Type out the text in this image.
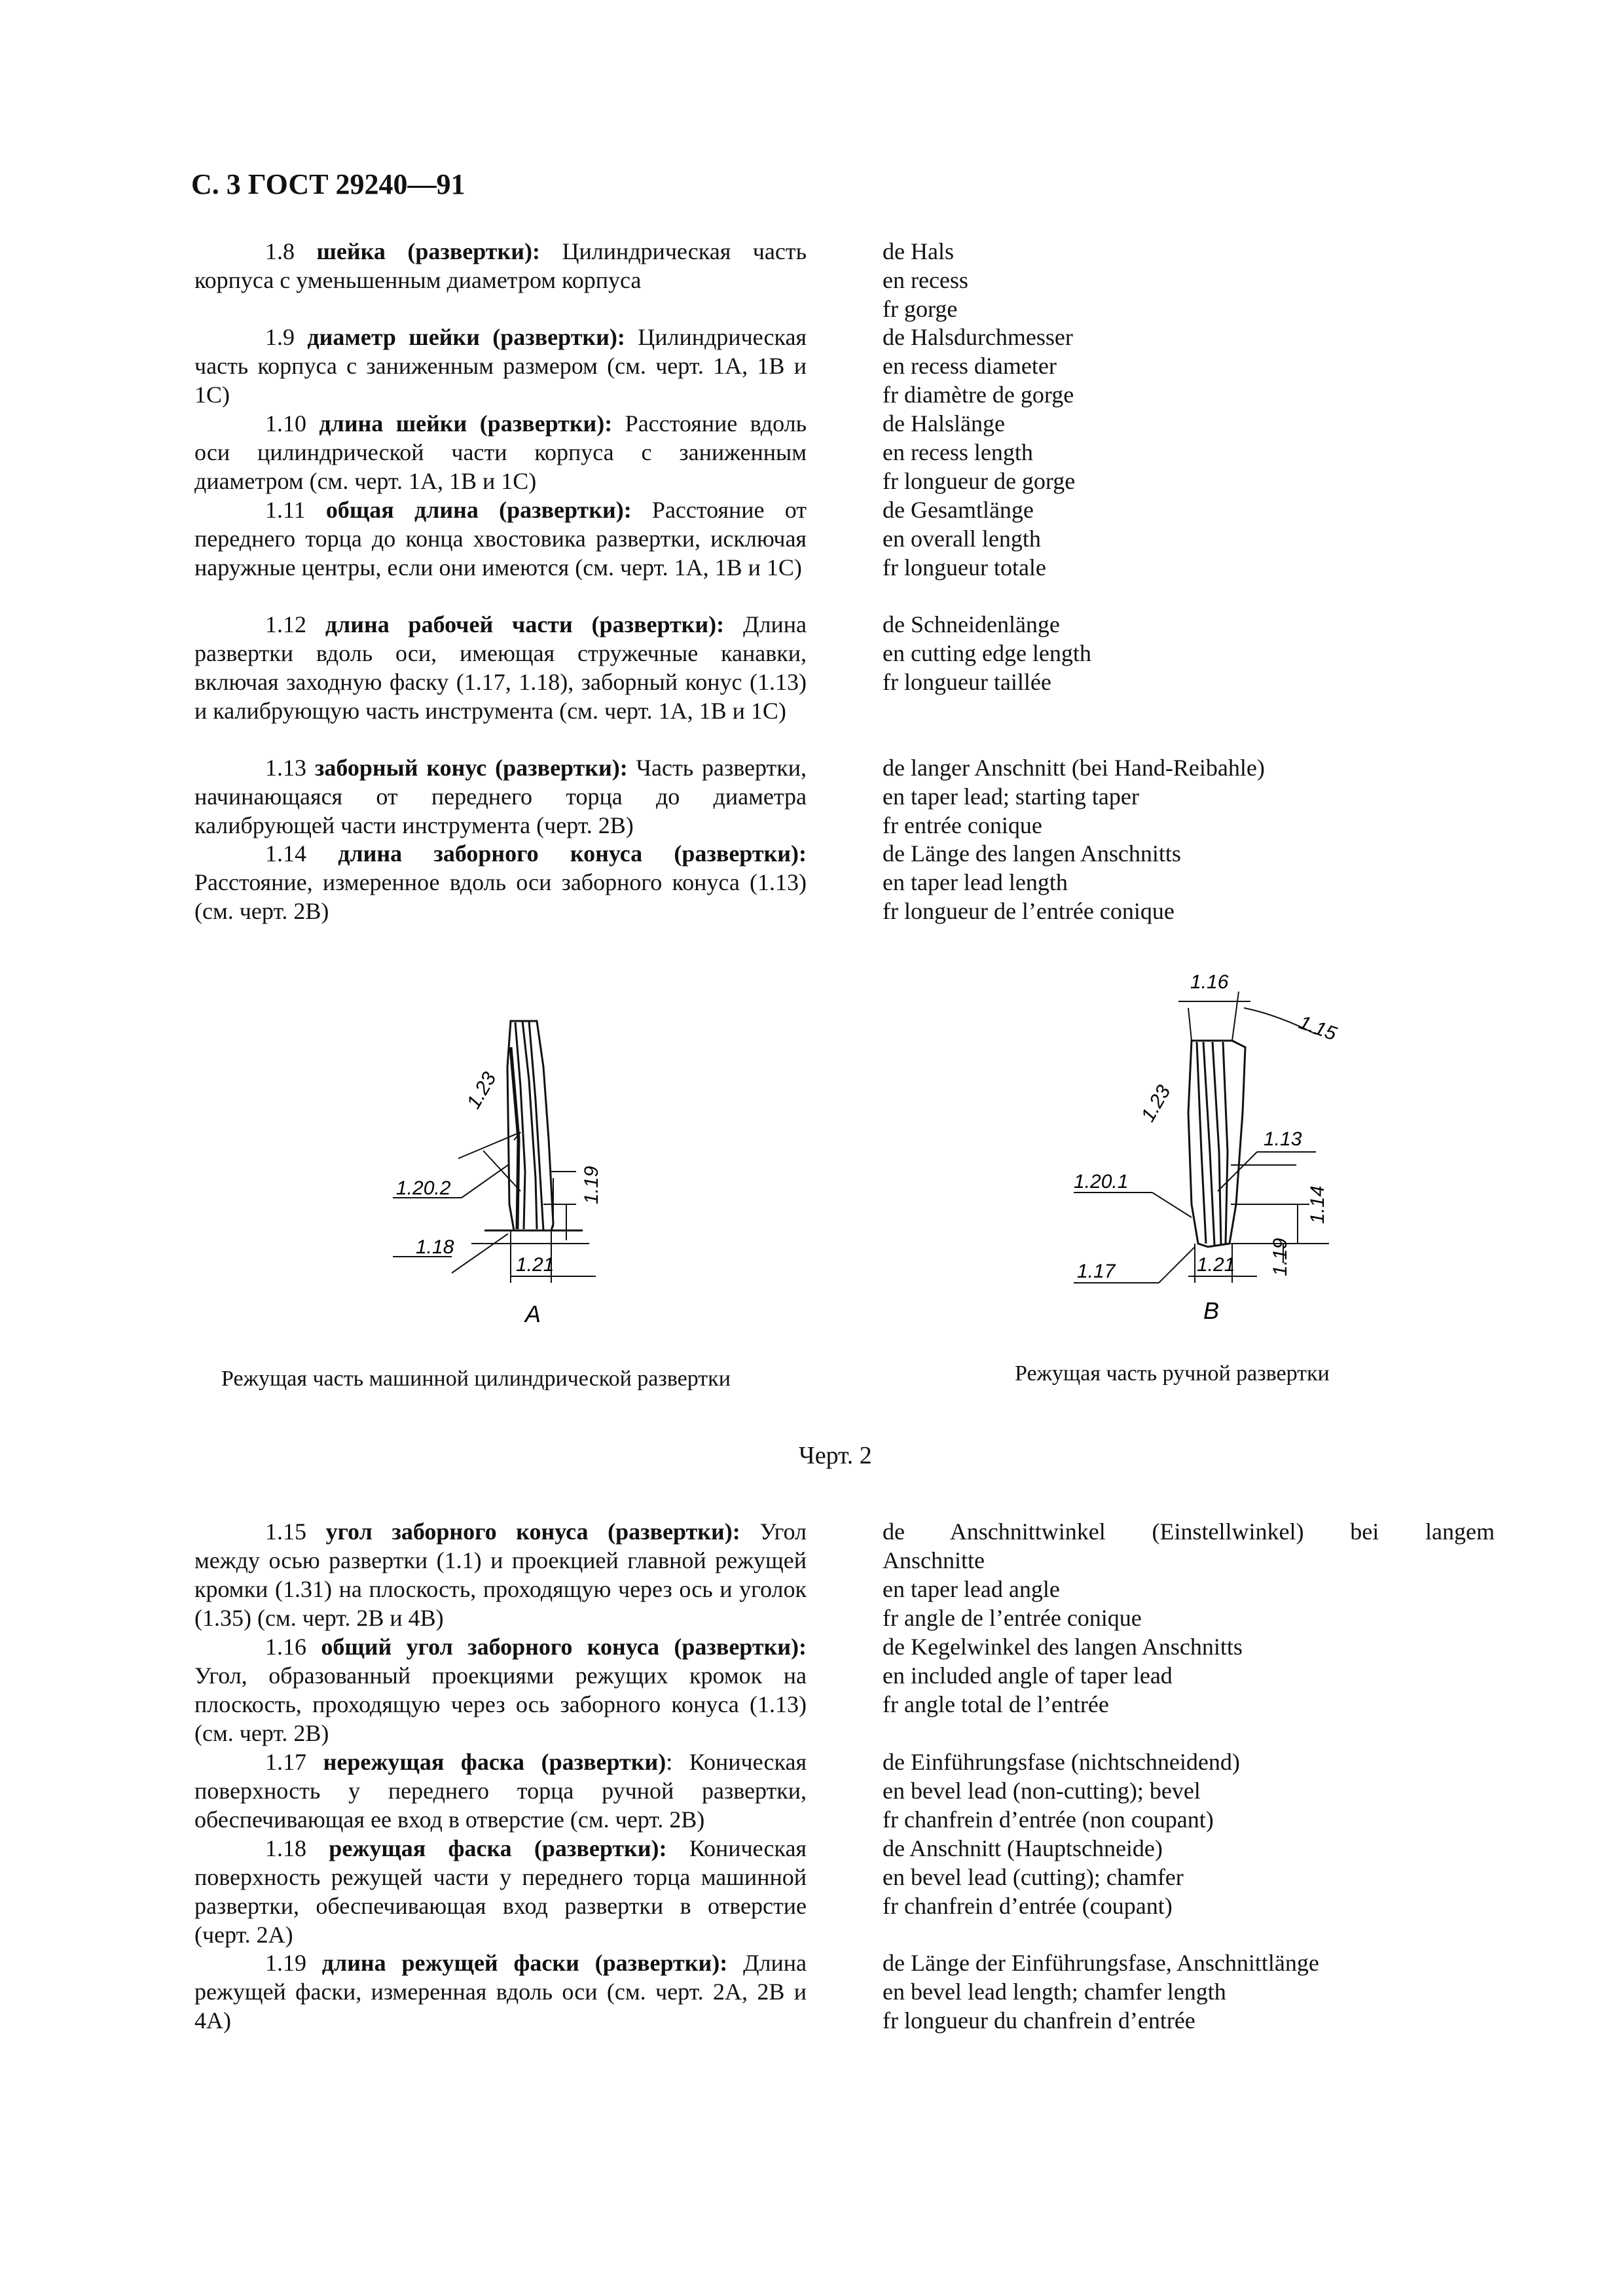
С. 3 ГОСТ 29240—91

1.8 шейка (развертки): Цилиндрическая часть корпуса с уменьшенным диаметром корпуса

de Hals
en recess
fr gorge

1.9 диаметр шейки (развертки): Цилиндрическая часть корпуса с заниженным размером (см. черт. 1A, 1B и 1C)

de Halsdurchmesser
en recess diameter
fr diamètre de gorge

1.10 длина шейки (развертки): Расстояние вдоль оси цилиндрической части корпуса с заниженным диаметром (см. черт. 1A, 1B и 1C)

de Halslänge
en recess length
fr longueur de gorge

1.11 общая длина (развертки): Расстояние от переднего торца до конца хвостовика развертки, исключая наружные центры, если они имеются (см. черт. 1A, 1B и 1C)

de Gesamtlänge
en overall length
fr longueur totale

1.12 длина рабочей части (развертки): Длина развертки вдоль оси, имеющая стружечные канавки, включая заходную фаску (1.17, 1.18), заборный конус (1.13) и калибрующую часть инструмента (см. черт. 1A, 1B и 1C)

de Schneidenlänge
en cutting edge length
fr longueur taillée

1.13 заборный конус (развертки): Часть развертки, начинающаяся от переднего торца до диаметра калибрующей части инструмента (черт. 2B)

de langer Anschnitt (bei Hand-Reibahle)
en taper lead; starting taper
fr entrée conique

1.14 длина заборного конуса (развертки): Расстояние, измеренное вдоль оси заборного конуса (1.13) (см. черт. 2B)

de Länge des langen Anschnitts
en taper lead length
fr longueur de l’entrée conique
1.23
1.20.2	1.19
1.18
1.21
A
Режущая часть машинной цилиндрической развертки
1.16
1.15
1.23
1.13
1.20.1
1.14
1.17	1.21 1.19
B
Режущая часть ручной развертки
Черт. 2

1.15 угол заборного конуса (развертки): Угол между осью развертки (1.1) и проекцией главной режущей кромки (1.31) на плоскость, проходящую через ось и уголок (1.35) (см. черт. 2B и 4B)

de Anschnittwinkel (Einstellwinkel) bei langem
Anschnitte
en taper lead angle
fr angle de l’entrée conique

1.16 общий угол заборного конуса (развертки): Угол, образованный проекциями режущих кромок на плоскость, проходящую через ось заборного конуса (1.13) (см. черт. 2B)

de Kegelwinkel des langen Anschnitts
en included angle of taper lead
fr angle total de l’entrée

1.17 нережущая фаска (развертки): Коническая поверхность у переднего торца ручной развертки, обеспечивающая ее вход в отверстие (см. черт. 2B)

de Einführungsfase (nichtschneidend)
en bevel lead (non-cutting); bevel
fr chanfrein d’entrée (non coupant)

1.18 режущая фаска (развертки): Коническая поверхность режущей части у переднего торца машинной развертки, обеспечивающая вход развертки в отверстие (черт. 2A)

de Anschnitt (Hauptschneide)
en bevel lead (cutting); chamfer
fr chanfrein d’entrée (coupant)

1.19 длина режущей фаски (развертки): Длина режущей фаски, измеренная вдоль оси (см. черт. 2A, 2B и 4A)

de Länge der Einführungsfase, Anschnittlänge
en bevel lead length; chamfer length
fr longueur du chanfrein d’entrée
